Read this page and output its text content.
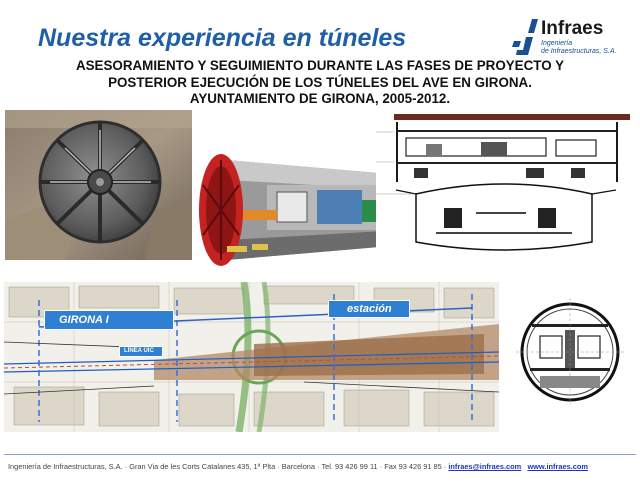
Nuestra experiencia en túneles	Infraes
Ingeniería
de Infraestructuras, S.A.
ASESORAMIENTO Y SEGUIMIENTO DURANTE LAS FASES DE PROYECTO Y
POSTERIOR EJECUCIÓN DE LOS TÚNELES DEL AVE EN GIRONA.
AYUNTAMIENTO DE GIRONA, 2005-2012.
GIRONA I
estación
LÍNEA UIC
Ingeniería de Infraestructuras, S.A. · Gran Via de les Corts Catalanes 435, 1ª Plta · Barcelona · Tel. 93 426 99 11 · Fax 93 426 91 85 · infraes@infraes.com www.infraes.com
